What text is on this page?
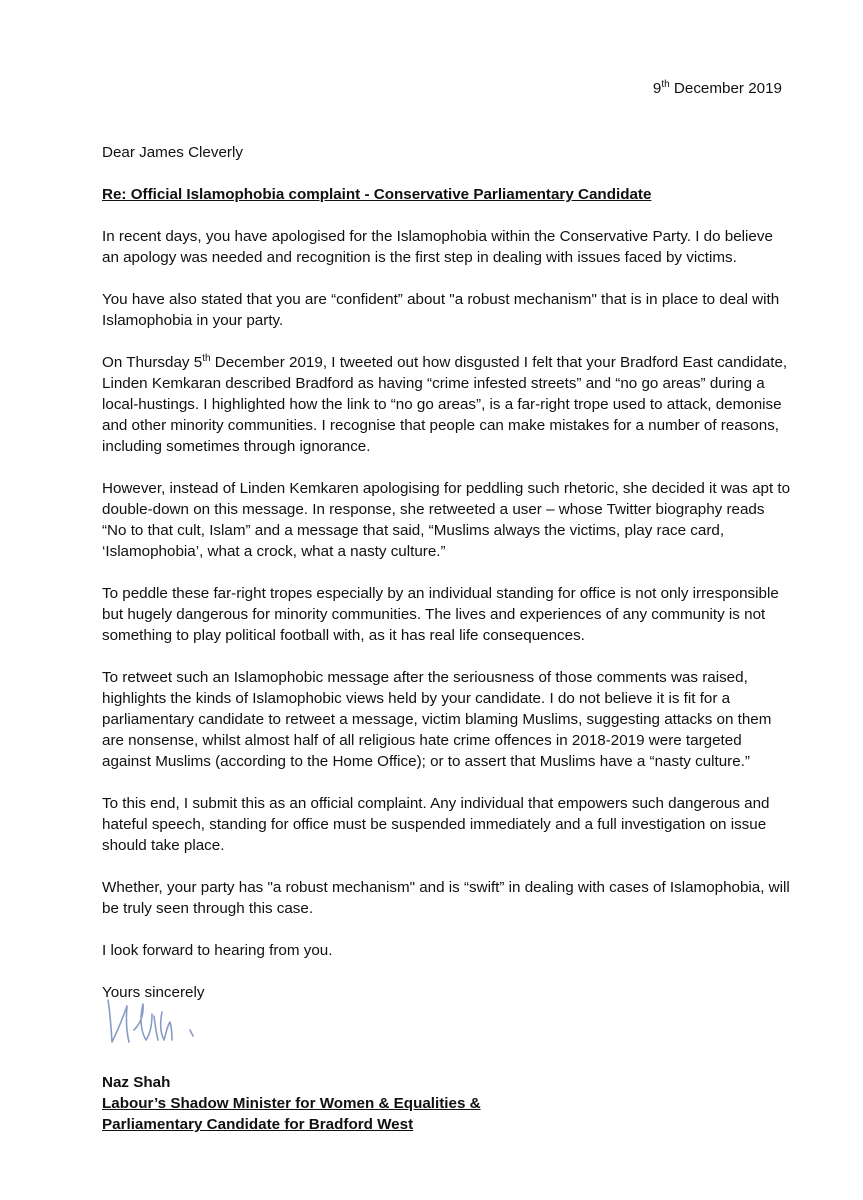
9th December 2019

Dear James Cleverly

Re: Official Islamophobia complaint - Conservative Parliamentary Candidate

In recent days, you have apologised for the Islamophobia within the Conservative Party. I do believe an apology was needed and recognition is the first step in dealing with issues faced by victims.

You have also stated that you are “confident” about "a robust mechanism" that is in place to deal with Islamophobia in your party.

On Thursday 5th December 2019, I tweeted out how disgusted I felt that your Bradford East candidate, Linden Kemkaran described Bradford as having “crime infested streets” and “no go areas” during a local-hustings. I highlighted how the link to “no go areas”, is a far-right trope used to attack, demonise and other minority communities. I recognise that people can make mistakes for a number of reasons, including sometimes through ignorance.

However, instead of Linden Kemkaren apologising for peddling such rhetoric, she decided it was apt to double-down on this message. In response, she retweeted a user – whose Twitter biography reads “No to that cult, Islam” and a message that said, “Muslims always the victims, play race card, ‘Islamophobia’, what a crock, what a nasty culture.”

To peddle these far-right tropes especially by an individual standing for office is not only irresponsible but hugely dangerous for minority communities. The lives and experiences of any community is not something to play political football with, as it has real life consequences.

To retweet such an Islamophobic message after the seriousness of those comments was raised, highlights the kinds of Islamophobic views held by your candidate. I do not believe it is fit for a parliamentary candidate to retweet a message, victim blaming Muslims, suggesting attacks on them are nonsense, whilst almost half of all religious hate crime offences in 2018-2019 were targeted against Muslims (according to the Home Office); or to assert that Muslims have a “nasty culture.”

To this end, I submit this as an official complaint. Any individual that empowers such dangerous and hateful speech, standing for office must be suspended immediately and a full investigation on issue should take place.

Whether, your party has "a robust mechanism" and is “swift” in dealing with cases of Islamophobia, will be truly seen through this case.

I look forward to hearing from you.

Yours sincerely

Naz Shah

Labour’s Shadow Minister for Women & Equalities &

Parliamentary Candidate for Bradford West
